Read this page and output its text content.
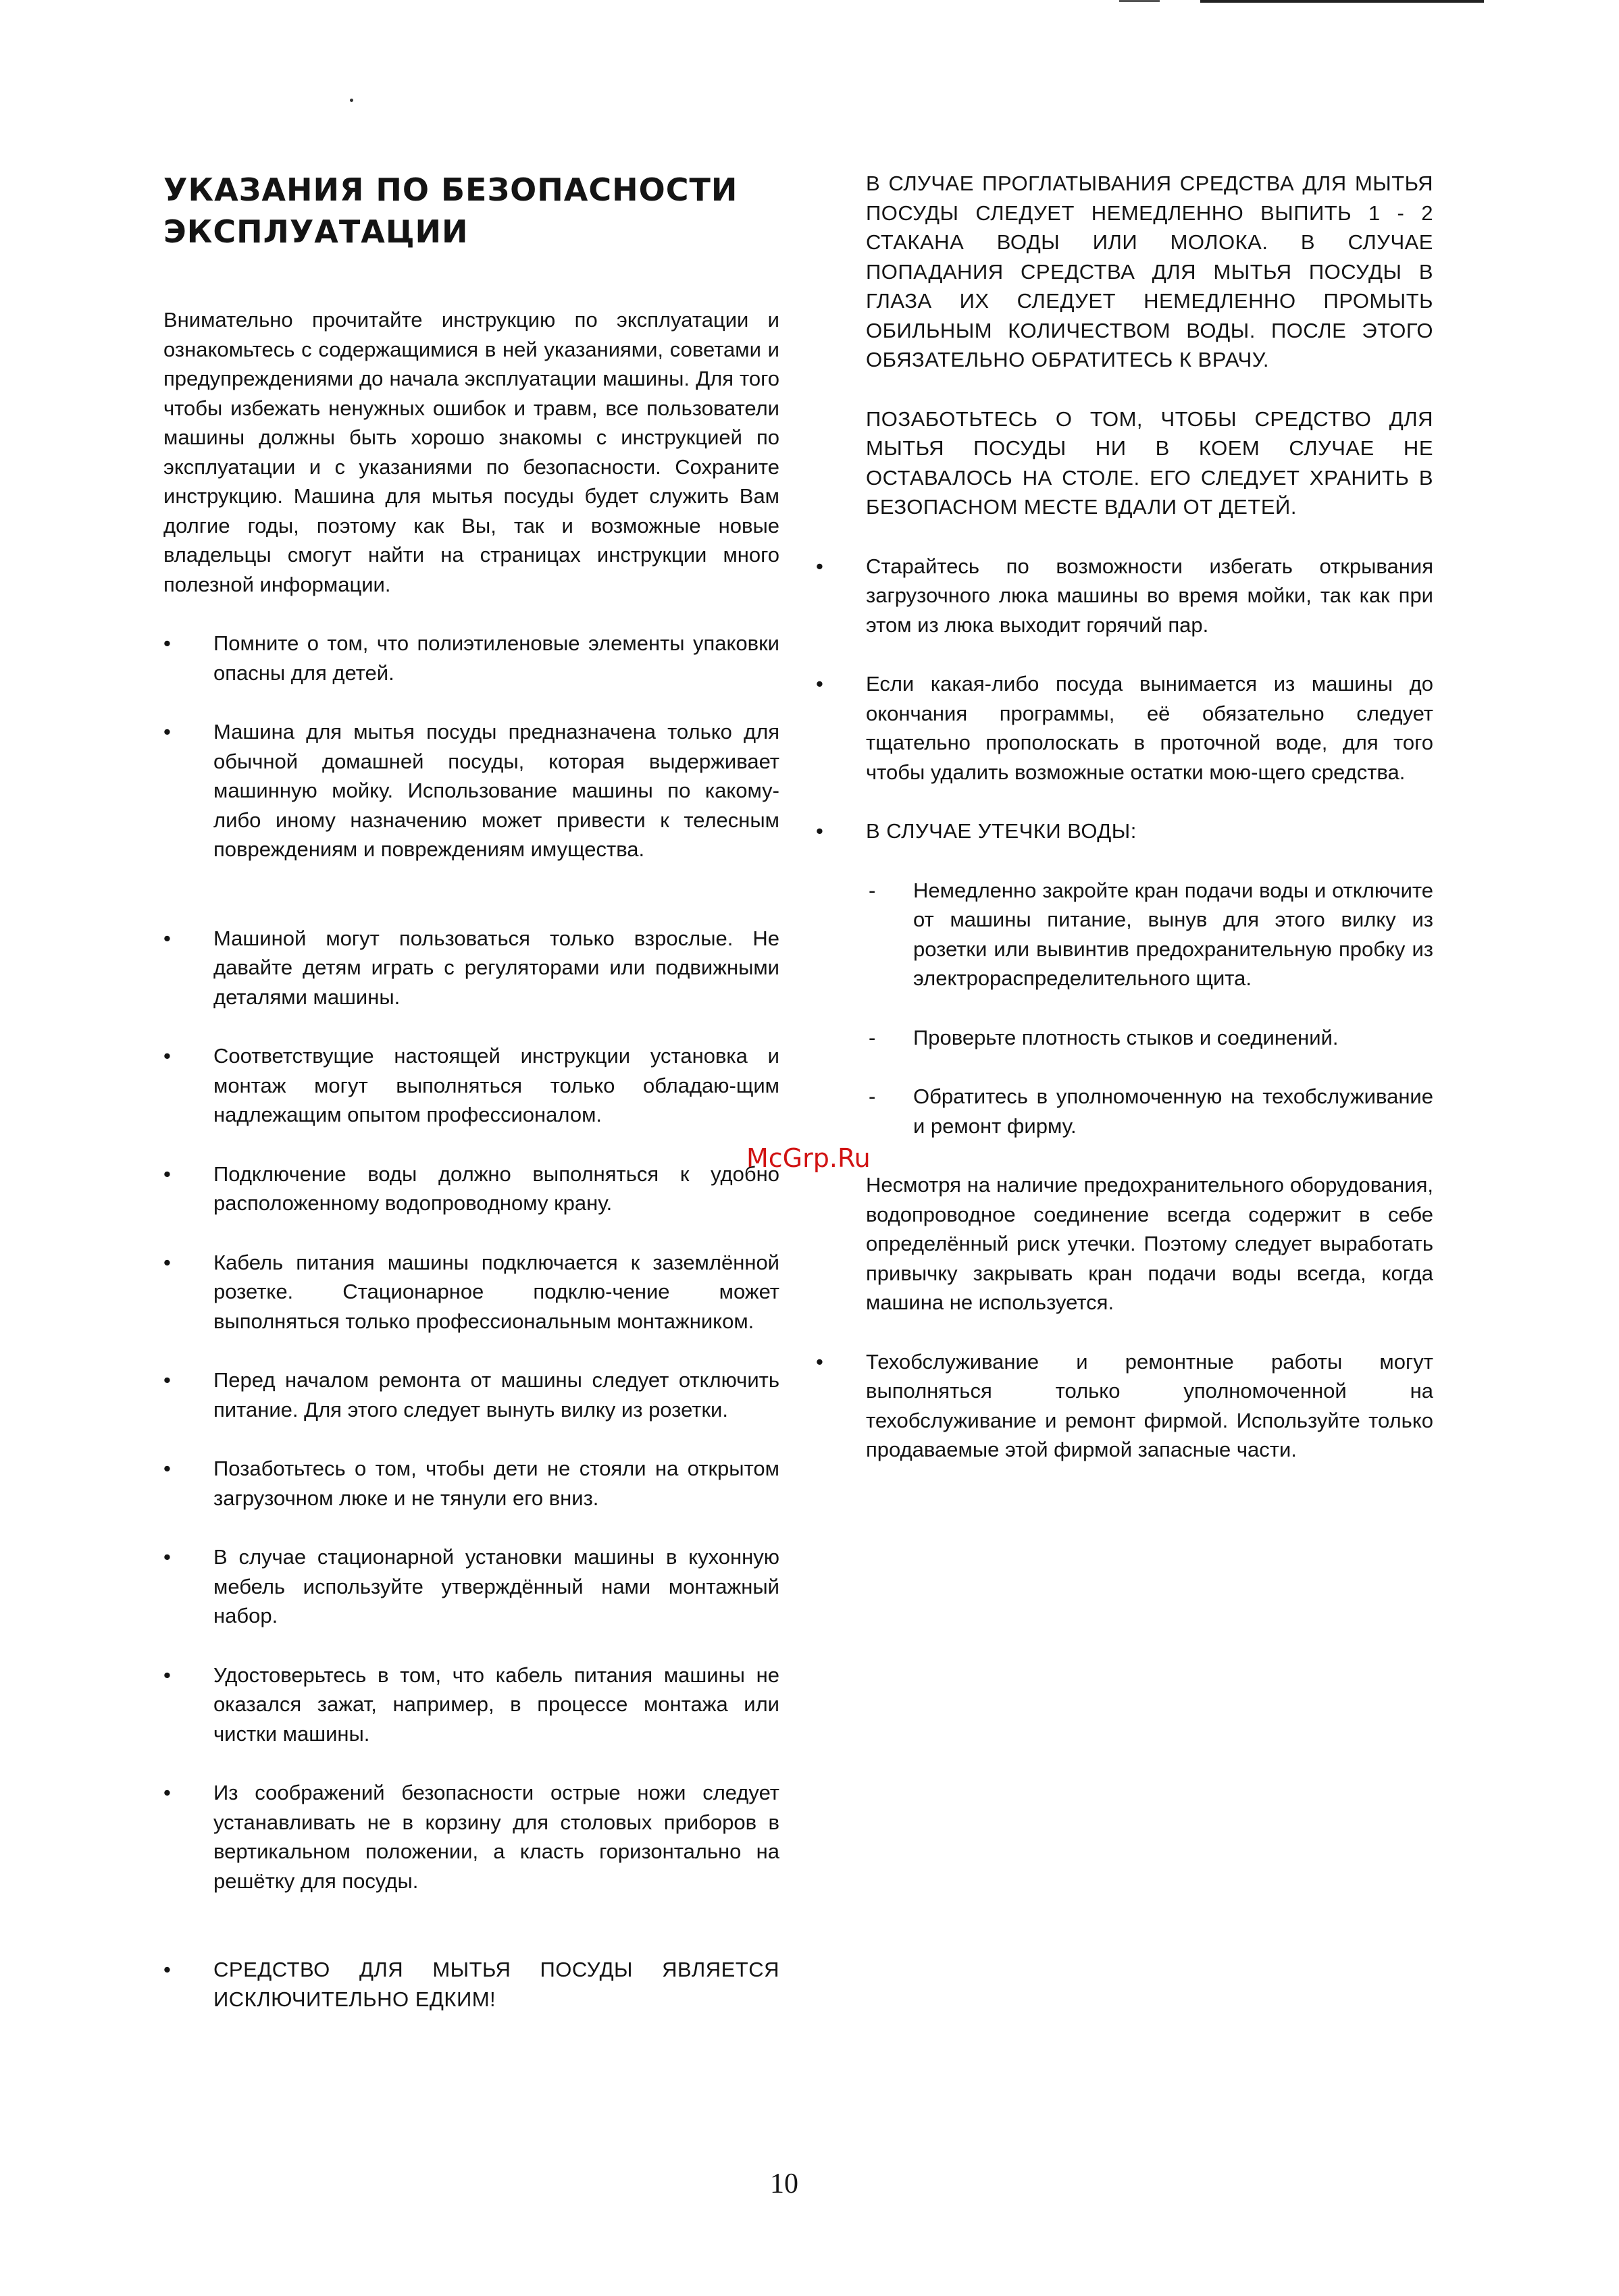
УКАЗАНИЯ ПО БЕЗОПАСНОСТИ
ЭКСПЛУАТАЦИИ

Внимательно прочитайте инструкцию по эксплуатации и ознакомьтесь с содержащимися в ней указаниями, советами и предупреждениями до начала эксплуатации машины. Для того чтобы избежать ненужных ошибок и травм, все пользователи машины должны быть хорошо знакомы с инструкцией по эксплуатации и с указаниями по безопасности. Сохраните инструкцию. Машина для мытья посуды будет служить Вам долгие годы, поэтому как Вы, так и возможные новые владельцы смогут найти на страницах инструкции много полезной информации.

• Помните о том, что полиэтиленовые элементы упаковки опасны для детей.
• Машина для мытья посуды предназначена только для обычной домашней посуды, которая выдерживает машинную мойку. Использование машины по какому-либо иному назначению может привести к телесным повреждениям и повреждениям имущества.
• Машиной могут пользоваться только взрослые. Не давайте детям играть с регуляторами или подвижными деталями машины.
• Соответствущие настоящей инструкции установка и монтаж могут выполняться только обладаю-щим надлежащим опытом профессионалом.
• Подключение воды должно выполняться к удобно расположенному водопроводному крану.
• Кабель питания машины подключается к заземлённой розетке. Стационарное подклю-чение может выполняться только профессиональным монтажником.
• Перед началом ремонта от машины следует отключить питание. Для этого следует вынуть вилку из розетки.
• Позаботьтесь о том, чтобы дети не стояли на открытом загрузочном люке и не тянули его вниз.
• В случае стационарной установки машины в кухонную мебель используйте утверждённый нами монтажный набор.
• Удостоверьтесь в том, что кабель питания машины не оказался зажат, например, в процессе монтажа или чистки машины.
• Из соображений безопасности острые ножи следует устанавливать не в корзину для столовых приборов в вертикальном положении, а класть горизонтально на решётку для посуды.
• СРЕДСТВО ДЛЯ МЫТЬЯ ПОСУДЫ ЯВЛЯЕТСЯ ИСКЛЮЧИТЕЛЬНО ЕДКИМ!

В СЛУЧАЕ ПРОГЛАТЫВАНИЯ СРЕДСТВА ДЛЯ МЫТЬЯ ПОСУДЫ СЛЕДУЕТ НЕМЕДЛЕННО ВЫПИТЬ 1 - 2 СТАКАНА ВОДЫ ИЛИ МОЛОКА. В СЛУЧАЕ ПОПАДАНИЯ СРЕДСТВА ДЛЯ МЫТЬЯ ПОСУДЫ В ГЛАЗА ИХ СЛЕДУЕТ НЕМЕДЛЕННО ПРОМЫТЬ ОБИЛЬНЫМ КОЛИЧЕСТВОМ ВОДЫ. ПОСЛЕ ЭТОГО ОБЯЗАТЕЛЬНО ОБРАТИТЕСЬ К ВРАЧУ.

ПОЗАБОТЬТЕСЬ О ТОМ, ЧТОБЫ СРЕДСТВО ДЛЯ МЫТЬЯ ПОСУДЫ НИ В КОЕМ СЛУЧАЕ НЕ ОСТАВАЛОСЬ НА СТОЛЕ. ЕГО СЛЕДУЕТ ХРАНИТЬ В БЕЗОПАСНОМ МЕСТЕ ВДАЛИ ОТ ДЕТЕЙ.

• Старайтесь по возможности избегать открывания загрузочного люка машины во время мойки, так как при этом из люка выходит горячий пар.
• Если какая-либо посуда вынимается из машины до окончания программы, её обязательно следует тщательно прополоскать в проточной воде, для того чтобы удалить возможные остатки мою-щего средства.
• В СЛУЧАЕ УТЕЧКИ ВОДЫ:
- Немедленно закройте кран подачи воды и отключите от машины питание, вынув для этого вилку из розетки или вывинтив предохранительную пробку из электрораспределительного щита.
- Проверьте плотность стыков и соединений.
- Обратитесь в уполномоченную на техобслуживание и ремонт фирму.

Несмотря на наличие предохранительного оборудования, водопроводное соединение всегда содержит в себе определённый риск утечки. Поэтому следует выработать привычку закрывать кран подачи воды всегда, когда машина не используется.

• Техобслуживание и ремонтные работы могут выполняться только уполномоченной на техобслуживание и ремонт фирмой. Используйте только продаваемые этой фирмой запасные части.
McGrp.Ru
10
